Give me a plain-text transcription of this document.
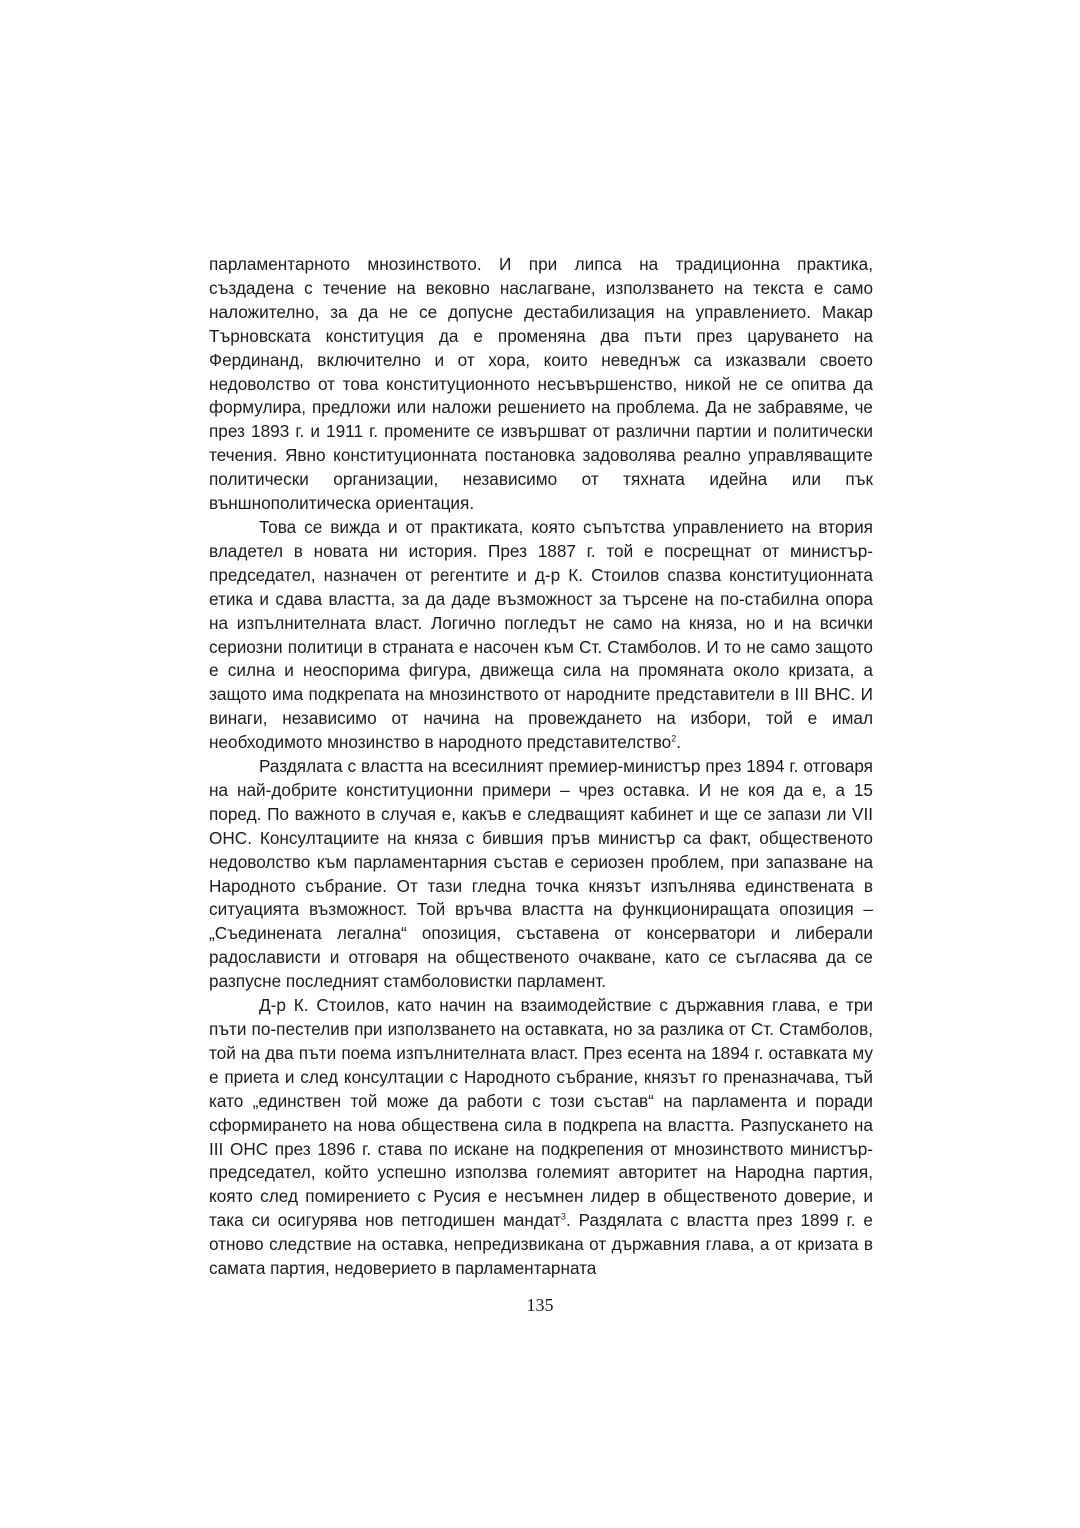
парламентарното мнозинството. И при липса на традиционна практика, създадена с течение на вековно наслагване, използването на текста е само наложително, за да не се допусне дестабилизация на управлението. Макар Търновската конституция да е променяна два пъти през царуването на Фердинанд, включително и от хора, които неведнъж са изказвали своето недоволство от това конституционното несъвършенство, никой не се опитва да формулира, предложи или наложи решението на проблема. Да не забравяме, че през 1893 г. и 1911 г. промените се извършват от различни партии и политически течения. Явно конституционната постановка задоволява реално управляващите политически организации, независимо от тяхната идейна или пък външнополитическа ориентация.

Това се вижда и от практиката, която съпътства управлението на втория владетел в новата ни история. През 1887 г. той е посрещнат от министър-председател, назначен от регентите и д-р К. Стоилов спазва конституционната етика и сдава властта, за да даде възможност за търсене на по-стабилна опора на изпълнителната власт. Логично погледът не само на княза, но и на всички сериозни политици в страната е насочен към Ст. Стамболов. И то не само защото е силна и неоспорима фигура, движеща сила на промяната около кризата, а защото има подкрепата на мнозинството от народните представители в III ВНС. И винаги, независимо от начина на провеждането на избори, той е имал необходимото мнозинство в народното представителство$^2$.

Раздялата с властта на всесилният премиер-министър през 1894 г. отговаря на най-добрите конституционни примери – чрез оставка. И не коя да е, а 15 поред. По важното в случая е, какъв е следващият кабинет и ще се запази ли VII ОНС. Консултациите на княза с бившия пръв министър са факт, общественото недоволство към парламентарния състав е сериозен проблем, при запазване на Народното събрание. От тази гледна точка князът изпълнява единствената в ситуацията възможност. Той връчва властта на функциониращата опозиция – „Съединената легална“ опозиция, съставена от консерватори и либерали радослависти и отговаря на общественото очакване, като се съгласява да се разпусне последният стамболовистки парламент.

Д-р К. Стоилов, като начин на взаимодействие с държавния глава, е три пъти по-пестелив при използването на оставката, но за разлика от Ст. Стамболов, той на два пъти поема изпълнителната власт. През есента на 1894 г. оставката му е приета и след консултации с Народното събрание, князът го преназначава, тъй като „единствен той може да работи с този състав“ на парламента и поради сформирането на нова обществена сила в подкрепа на властта. Разпускането на III ОНС през 1896 г. става по искане на подкрепения от мнозинството министър-председател, който успешно използва големият авторитет на Народна партия, която след помирението с Русия е несъмнен лидер в общественото доверие, и така си осигурява нов петгодишен мандат$^3$. Раздялата с властта през 1899 г. е отново следствие на оставка, непредизвикана от държавния глава, а от кризата в самата партия, недоверието в парламентарната

135
